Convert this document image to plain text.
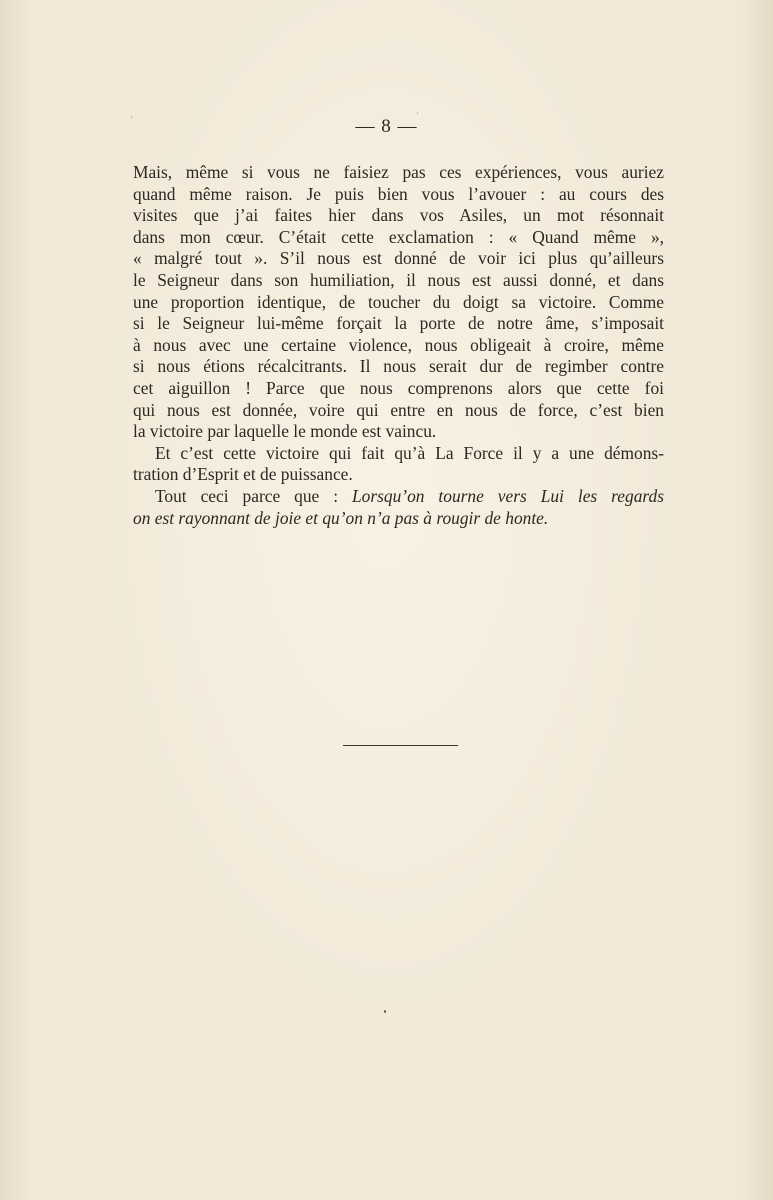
— 8 —
Mais, même si vous ne faisiez pas ces expériences, vous auriez
quand même raison. Je puis bien vous l’avouer : au cours des
visites que j’ai faites hier dans vos Asiles, un mot résonnait
dans mon cœur. C’était cette exclamation : « Quand même »,
« malgré tout ». S’il nous est donné de voir ici plus qu’ailleurs
le Seigneur dans son humiliation, il nous est aussi donné, et dans
une proportion identique, de toucher du doigt sa victoire. Comme
si le Seigneur lui-même forçait la porte de notre âme, s’imposait
à nous avec une certaine violence, nous obligeait à croire, même
si nous étions récalcitrants. Il nous serait dur de regimber contre
cet aiguillon ! Parce que nous comprenons alors que cette foi
qui nous est donnée, voire qui entre en nous de force, c’est bien
la victoire par laquelle le monde est vaincu.
Et c’est cette victoire qui fait qu’à La Force il y a une démons-
tration d’Esprit et de puissance.
Tout ceci parce que : Lorsqu’on tourne vers Lui les regards
on est rayonnant de joie et qu’on n’a pas à rougir de honte.
